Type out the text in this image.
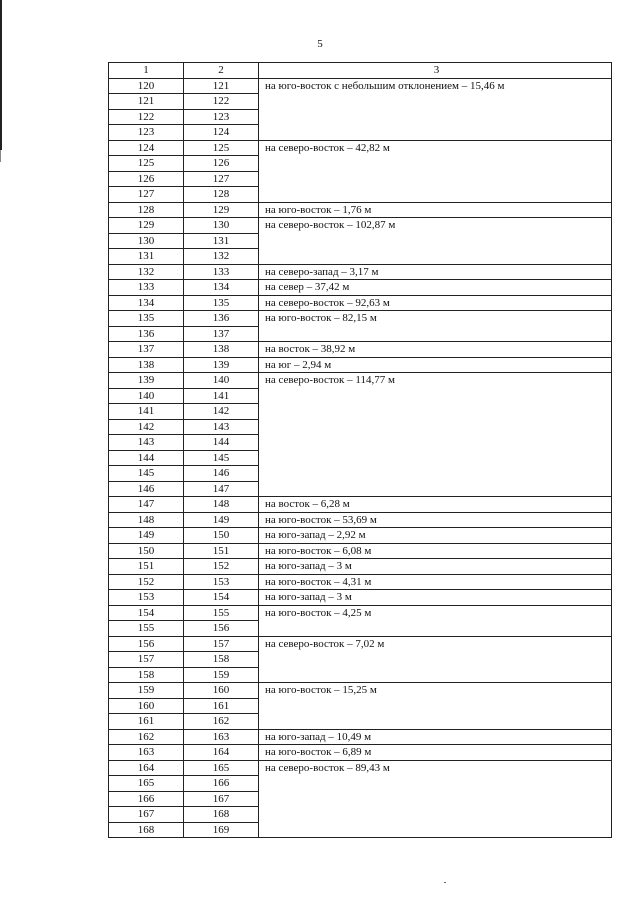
5
1	2	3
120	121	на юго-восток с небольшим отклонением – 15,46 м
121	122	
122	123	
123	124	
124	125	на северо-восток – 42,82 м
125	126	
126	127	
127	128	
128	129	на юго-восток – 1,76 м
129	130	на северо-восток – 102,87 м
130	131	
131	132	
132	133	на северо-запад – 3,17 м
133	134	на север – 37,42 м
134	135	на северо-восток – 92,63 м
135	136	на юго-восток – 82,15 м
136	137	
137	138	на восток – 38,92 м
138	139	на юг – 2,94 м
139	140	на северо-восток – 114,77 м
140	141	
141	142	
142	143	
143	144	
144	145	
145	146	
146	147	
147	148	на восток – 6,28 м
148	149	на юго-восток – 53,69 м
149	150	на юго-запад – 2,92 м
150	151	на юго-восток – 6,08 м
151	152	на юго-запад – 3 м
152	153	на юго-восток – 4,31 м
153	154	на юго-запад – 3 м
154	155	на юго-восток – 4,25 м
155	156	
156	157	на северо-восток – 7,02 м
157	158	
158	159	
159	160	на юго-восток – 15,25 м
160	161	
161	162	
162	163	на юго-запад – 10,49 м
163	164	на юго-восток – 6,89 м
164	165	на северо-восток – 89,43 м
165	166	
166	167	
167	168	
168	169	
